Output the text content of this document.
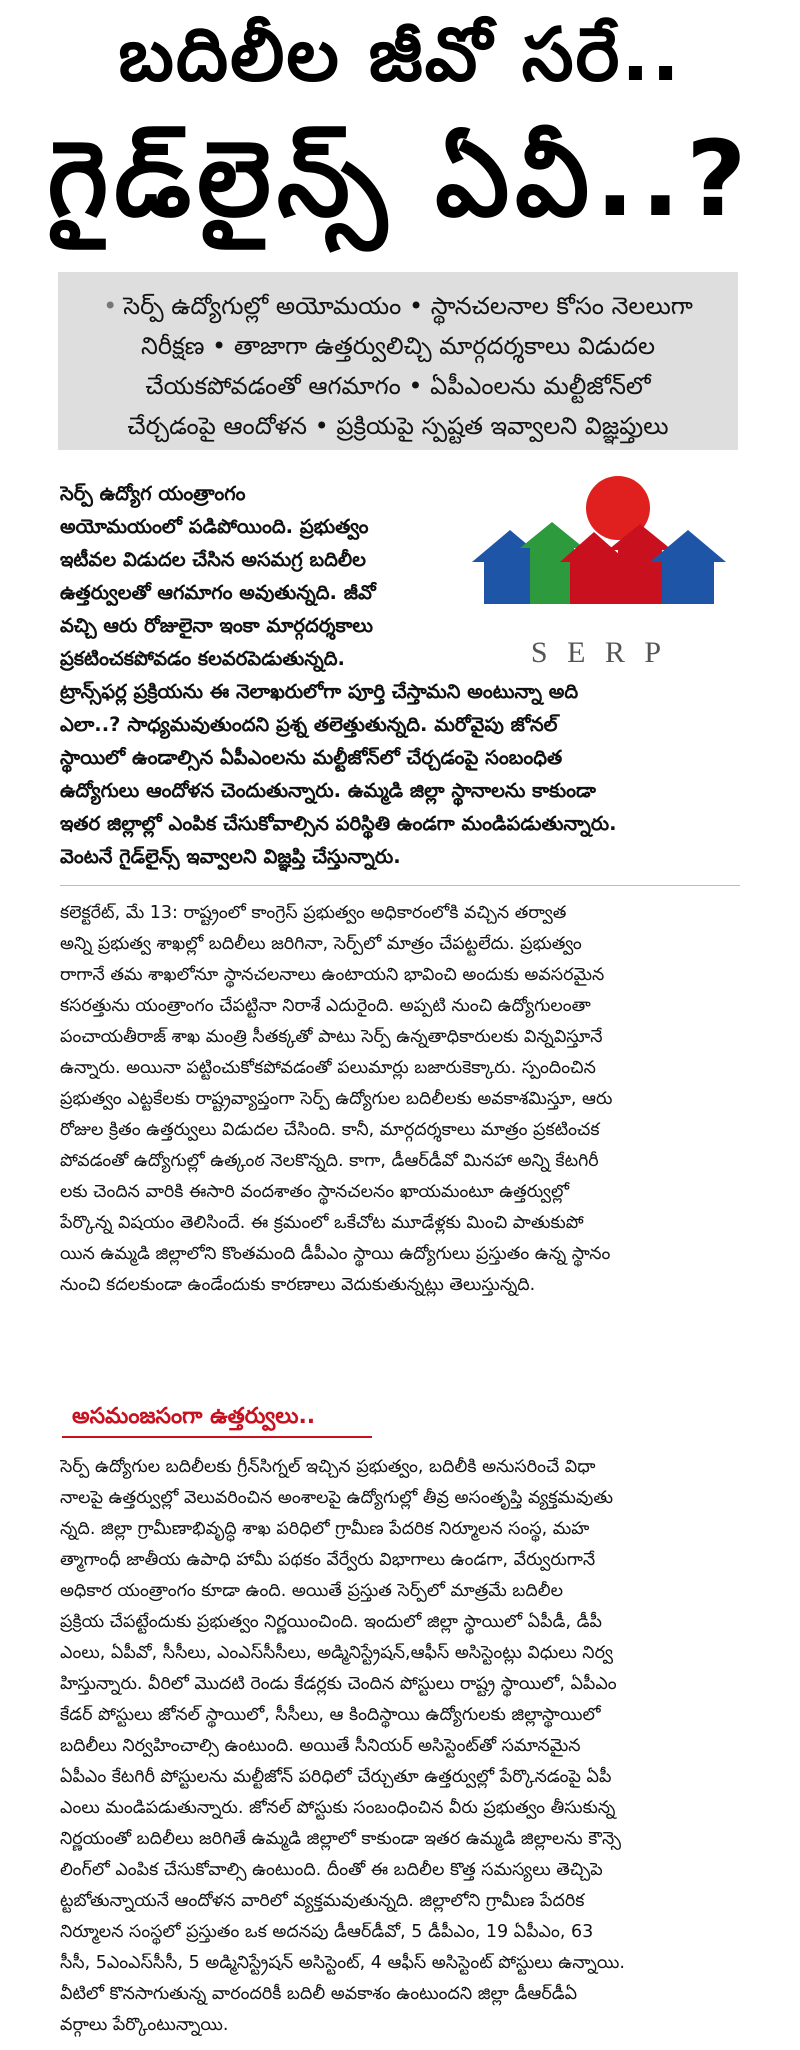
బదిలీల జీవో సరే..
గైడ్‌లైన్స్ ఏవీ..?

• సెర్ప్ ఉద్యోగుల్లో అయోమయం • స్థానచలనాల కోసం నెలలుగా

నిరీక్షణ • తాజాగా ఉత్తర్వులిచ్చి మార్గదర్శకాలు విడుదల

చేయకపోవడంతో ఆగమాగం • ఏపీఎంలను మల్టీజోన్‌లో

చేర్చడంపై ఆందోళన • ప్రక్రియపై స్పష్టత ఇవ్వాలని విజ్ఞప్తులు

S E R P
సెర్ప్ ఉద్యోగ యంత్రాంగం
అయోమయంలో పడిపోయింది. ప్రభుత్వం
ఇటీవల విడుదల చేసిన అసమగ్ర బదిలీల
ఉత్తర్వులతో ఆగమాగం అవుతున్నది. జీవో
వచ్చి ఆరు రోజులైనా ఇంకా మార్గదర్శకాలు
ప్రకటించకపోవడం కలవరపెడుతున్నది.
ట్రాన్స్‌ఫర్ల ప్రక్రియను ఈ నెలాఖరులోగా పూర్తి చేస్తామని అంటున్నా అది
ఎలా..? సాధ్యమవుతుందని ప్రశ్న తలెత్తుతున్నది. మరోవైపు జోనల్
స్థాయిలో ఉండాల్సిన ఏపీఎంలను మల్టీజోన్‌లో చేర్చడంపై సంబంధిత
ఉద్యోగులు ఆందోళన చెందుతున్నారు. ఉమ్మడి జిల్లా స్థానాలను కాకుండా
ఇతర జిల్లాల్లో ఎంపిక చేసుకోవాల్సిన పరిస్థితి ఉండగా మండిపడుతున్నారు.
వెంటనే గైడ్‌లైన్స్ ఇవ్వాలని విజ్ఞప్తి చేస్తున్నారు.
కలెక్టరేట్, మే 13: రాష్ట్రంలో కాంగ్రెస్ ప్రభుత్వం అధికారంలోకి వచ్చిన తర్వాత
అన్ని ప్రభుత్వ శాఖల్లో బదిలీలు జరిగినా, సెర్ప్‌లో మాత్రం చేపట్టలేదు. ప్రభుత్వం
రాగానే తమ శాఖలోనూ స్థానచలనాలు ఉంటాయని భావించి అందుకు అవసరమైన
కసరత్తును యంత్రాంగం చేపట్టినా నిరాశే ఎదురైంది. అప్పటి నుంచి ఉద్యోగులంతా
పంచాయతీరాజ్ శాఖ మంత్రి సీతక్కతో పాటు సెర్ప్ ఉన్నతాధికారులకు విన్నవిస్తూనే
ఉన్నారు. అయినా పట్టించుకోకపోవడంతో పలుమార్లు బజారుకెక్కారు. స్పందించిన
ప్రభుత్వం ఎట్టకేలకు రాష్ట్రవ్యాప్తంగా సెర్ప్ ఉద్యోగుల బదిలీలకు అవకాశమిస్తూ, ఆరు
రోజుల క్రితం ఉత్తర్వులు విడుదల చేసింది. కానీ, మార్గదర్శకాలు మాత్రం ప్రకటించక
పోవడంతో ఉద్యోగుల్లో ఉత్కంఠ నెలకొన్నది. కాగా, డీఆర్‌డీవో మినహా అన్ని కేటగిరీ
లకు చెందిన వారికి ఈసారి వందశాతం స్థానచలనం ఖాయమంటూ ఉత్తర్వుల్లో
పేర్కొన్న విషయం తెలిసిందే. ఈ క్రమంలో ఒకేచోట మూడేళ్లకు మించి పాతుకుపో
యిన ఉమ్మడి జిల్లాలోని కొంతమంది డీపీఎం స్థాయి ఉద్యోగులు ప్రస్తుతం ఉన్న స్థానం
నుంచి కదలకుండా ఉండేందుకు కారణాలు వెదుకుతున్నట్లు తెలుస్తున్నది.
అసమంజసంగా ఉత్తర్వులు..
సెర్ప్ ఉద్యోగుల బదిలీలకు గ్రీన్‌సిగ్నల్ ఇచ్చిన ప్రభుత్వం, బదిలీకి అనుసరించే విధా
నాలపై ఉత్తర్వుల్లో వెలువరించిన అంశాలపై ఉద్యోగుల్లో తీవ్ర అసంతృప్తి వ్యక్తమవుతు
న్నది. జిల్లా గ్రామీణాభివృద్ధి శాఖ పరిధిలో గ్రామీణ పేదరిక నిర్మూలన సంస్థ, మహ
త్మాగాంధీ జాతీయ ఉపాధి హామీ పథకం వేర్వేరు విభాగాలు ఉండగా, వేర్వురుగానే
అధికార యంత్రాంగం కూడా ఉంది. అయితే ప్రస్తుత సెర్ప్‌లో మాత్రమే బదిలీల
ప్రక్రియ చేపట్టేందుకు ప్రభుత్వం నిర్ణయించింది. ఇందులో జిల్లా స్థాయిలో ఏపీడీ, డీపీ
ఎంలు, ఏపీవో, సీసీలు, ఎంఎస్‌సీసీలు, అడ్మినిస్ట్రేషన్,ఆఫీస్ అసిస్టెంట్లు విధులు నిర్వ
హిస్తున్నారు. వీరిలో మొదటి రెండు కేడర్లకు చెందిన పోస్టులు రాష్ట్ర స్థాయిలో, ఏపీఎం
కేడర్ పోస్టులు జోనల్ స్థాయిలో, సీసీలు, ఆ కిందిస్థాయి ఉద్యోగులకు జిల్లాస్థాయిలో
బదిలీలు నిర్వహించాల్సి ఉంటుంది. అయితే సీనియర్ అసిస్టెంట్‌తో సమానమైన
ఏపీఎం కేటగిరీ పోస్టులను మల్టీజోన్ పరిధిలో చేర్చుతూ ఉత్తర్వుల్లో పేర్కొనడంపై ఏపీ
ఎంలు మండిపడుతున్నారు. జోనల్ పోస్టుకు సంబంధించిన వీరు ప్రభుత్వం తీసుకున్న
నిర్ణయంతో బదిలీలు జరిగితే ఉమ్మడి జిల్లాలో కాకుండా ఇతర ఉమ్మడి జిల్లాలను కౌన్సె
లింగ్‌లో ఎంపిక చేసుకోవాల్సి ఉంటుంది. దీంతో ఈ బదిలీల కొత్త సమస్యలు తెచ్చిపె
ట్టబోతున్నాయనే ఆందోళన వారిలో వ్యక్తమవుతున్నది. జిల్లాలోని గ్రామీణ పేదరిక
నిర్మూలన సంస్థలో ప్రస్తుతం ఒక అదనపు డీఆర్‌డీవో, 5 డీపీఎం, 19 ఏపీఎం, 63
సీసీ, 5ఎంఎస్‌సీసీ, 5 అడ్మినిస్ట్రేషన్ అసిస్టెంట్, 4 ఆఫీస్ అసిస్టెంట్ పోస్టులు ఉన్నాయి.
వీటిలో కొనసాగుతున్న వారందరికీ బదిలీ అవకాశం ఉంటుందని జిల్లా డీఆర్‌డీఏ
వర్గాలు పేర్కొంటున్నాయి.
